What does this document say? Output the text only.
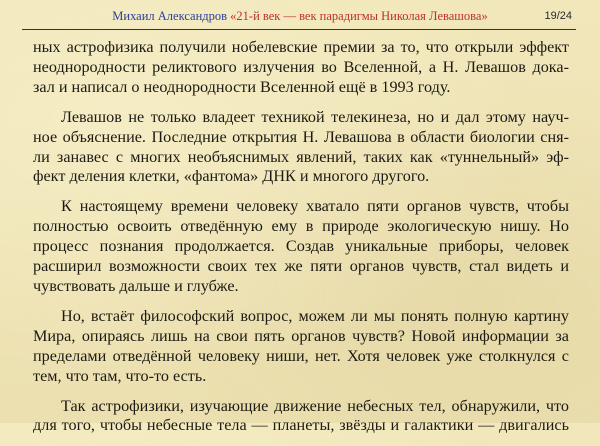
Михаил Александров «21-й век — век парадигмы Николая Левашова»	19/24
ных астрофизика получили нобелевские премии за то, что открыли эффект
неоднородности реликтового излучения во Вселенной, а Н. Левашов дока-
зал и написал о неоднородности Вселенной ещё в 1993 году.
Левашов не только владеет техникой телекинеза, но и дал этому науч-
ное объяснение. Последние открытия Н. Левашова в области биологии сня-
ли занавес с многих необъяснимых явлений, таких как «туннельный» эф-
фект деления клетки, «фантома» ДНК и многого другого.
К настоящему времени человеку хватало пяти органов чувств, чтобы
полностью освоить отведённую ему в природе экологическую нишу. Но
процесс познания продолжается. Создав уникальные приборы, человек
расширил возможности своих тех же пяти органов чувств, стал видеть и
чувствовать дальше и глубже.
Но, встаёт философский вопрос, можем ли мы понять полную картину
Мира, опираясь лишь на свои пять органов чувств? Новой информации за
пределами отведённой человеку ниши, нет. Хотя человек уже столкнулся с
тем, что там, что-то есть.
Так астрофизики, изучающие движение небесных тел, обнаружили, что
для того, чтобы небесные тела — планеты, звёзды и галактики — двигались
